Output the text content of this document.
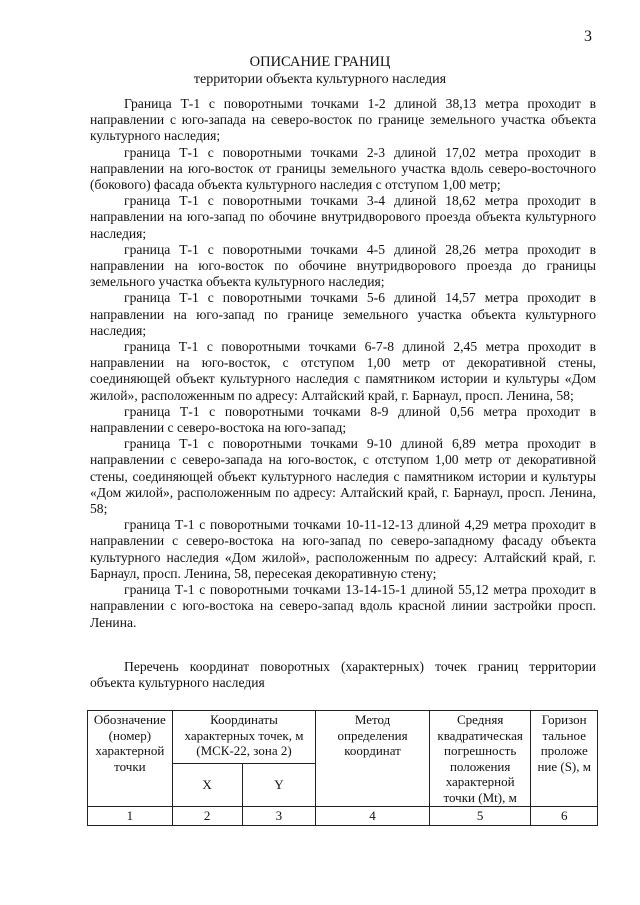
3
ОПИСАНИЕ ГРАНИЦ
территории объекта культурного наследия

Граница Т-1 с поворотными точками 1-2 длиной 38,13 метра проходит в направлении с юго-запада на северо-восток по границе земельного участка объекта культурного наследия;

граница Т-1 с поворотными точками 2-3 длиной 17,02 метра проходит в направлении на юго-восток от границы земельного участка вдоль северо-восточного (бокового) фасада объекта культурного наследия с отступом 1,00 метр;

граница Т-1 с поворотными точками 3-4 длиной 18,62 метра проходит в направлении на юго-запад по обочине внутридворового проезда объекта культурного наследия;

граница Т-1 с поворотными точками 4-5 длиной 28,26 метра проходит в направлении на юго-восток по обочине внутридворового проезда до границы земельного участка объекта культурного наследия;

граница Т-1 с поворотными точками 5-6 длиной 14,57 метра проходит в направлении на юго-запад по границе земельного участка объекта культурного наследия;

граница Т-1 с поворотными точками 6-7-8 длиной 2,45 метра проходит в направлении на юго-восток, с отступом 1,00 метр от декоративной стены, соединяющей объект культурного наследия с памятником истории и культуры «Дом жилой», расположенным по адресу: Алтайский край, г. Барнаул, просп. Ленина, 58;

граница Т-1 с поворотными точками 8-9 длиной 0,56 метра проходит в направлении с северо-востока на юго-запад;

граница Т-1 с поворотными точками 9-10 длиной 6,89 метра проходит в направлении с северо-запада на юго-восток, с отступом 1,00 метр от декоративной стены, соединяющей объект культурного наследия с памятником истории и культуры «Дом жилой», расположенным по адресу: Алтайский край, г. Барнаул, просп. Ленина, 58;

граница Т-1 с поворотными точками 10-11-12-13 длиной 4,29 метра проходит в направлении с северо-востока на юго-запад по северо-западному фасаду объекта культурного наследия «Дом жилой», расположенным по адресу: Алтайский край, г. Барнаул, просп. Ленина, 58, пересекая декоративную стену;

граница Т-1 с поворотными точками 13-14-15-1 длиной 55,12 метра проходит в направлении с юго-востока на северо-запад вдоль красной линии застройки просп. Ленина.

Перечень координат поворотных (характерных) точек границ территории объекта культурного наследия

Обозначение (номер) характерной точки	Координаты характерных точек, м (МСК-22, зона 2)		Метод определения координат	Средняя квадратическая погрешность положения характерной точки (Mt), м	Горизон тальное проложе ние (S), м
	X	Y			
1	2	3	4	5	6
